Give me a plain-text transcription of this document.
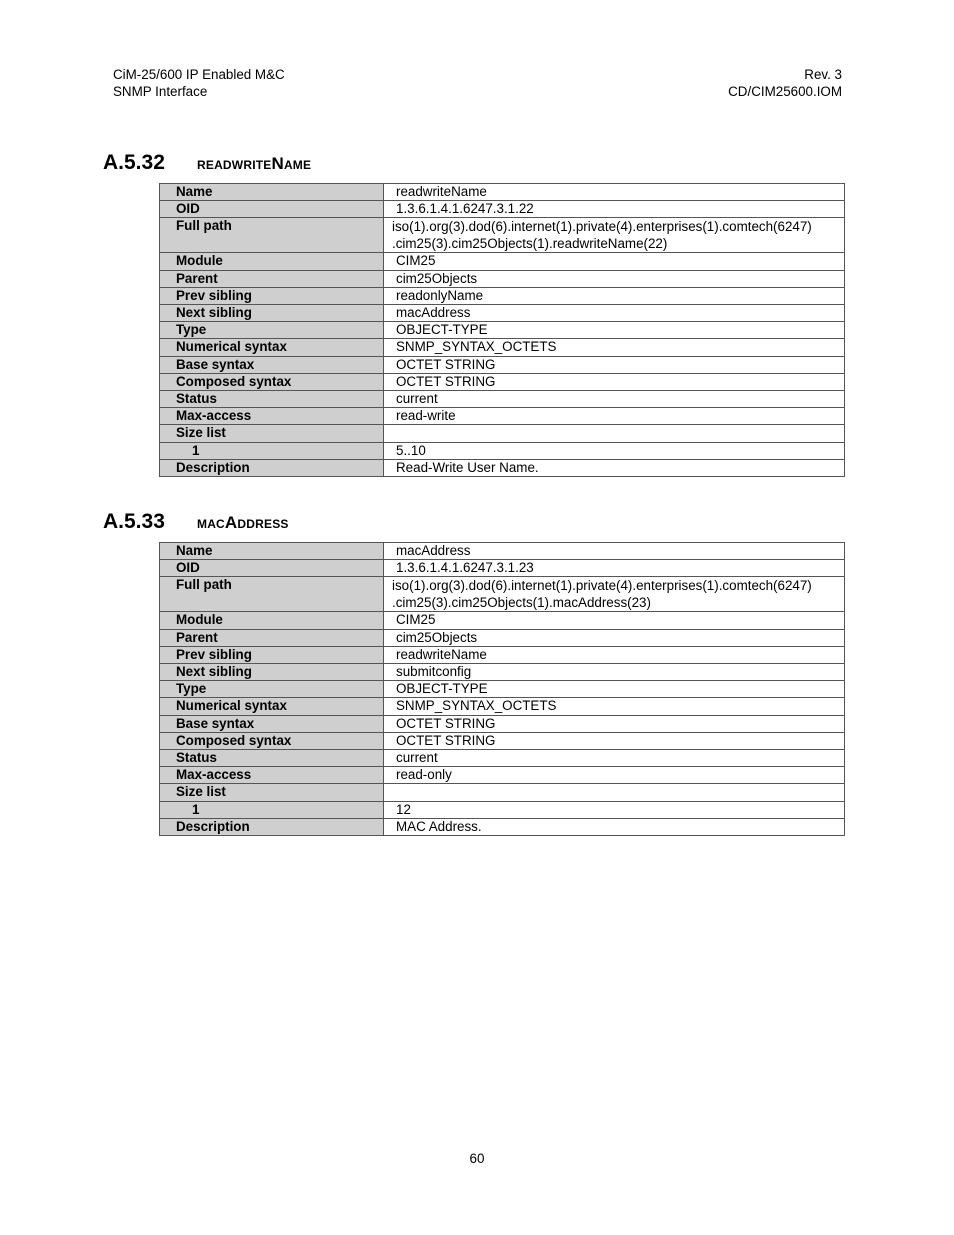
CiM-25/600 IP Enabled M&C
SNMP Interface
Rev. 3
CD/CIM25600.IOM
A.5.32 readwriteName
Name	readwriteName
OID	1.3.6.1.4.1.6247.3.1.22
Full path	iso(1).org(3).dod(6).internet(1).private(4).enterprises(1).comtech(6247)
.cim25(3).cim25Objects(1).readwriteName(22)

Module	CIM25
Parent	cim25Objects
Prev sibling	readonlyName
Next sibling	macAddress
Type	OBJECT-TYPE
Numerical syntax	SNMP_SYNTAX_OCTETS
Base syntax	OCTET STRING
Composed syntax	OCTET STRING
Status	current
Max-access	read-write
Size list	
1	5..10
Description	Read-Write User Name.
A.5.33 macAddress
Name	macAddress
OID	1.3.6.1.4.1.6247.3.1.23
Full path	iso(1).org(3).dod(6).internet(1).private(4).enterprises(1).comtech(6247)
.cim25(3).cim25Objects(1).macAddress(23)

Module	CIM25
Parent	cim25Objects
Prev sibling	readwriteName
Next sibling	submitconfig
Type	OBJECT-TYPE
Numerical syntax	SNMP_SYNTAX_OCTETS
Base syntax	OCTET STRING
Composed syntax	OCTET STRING
Status	current
Max-access	read-only
Size list	
1	12
Description	MAC Address.
60
